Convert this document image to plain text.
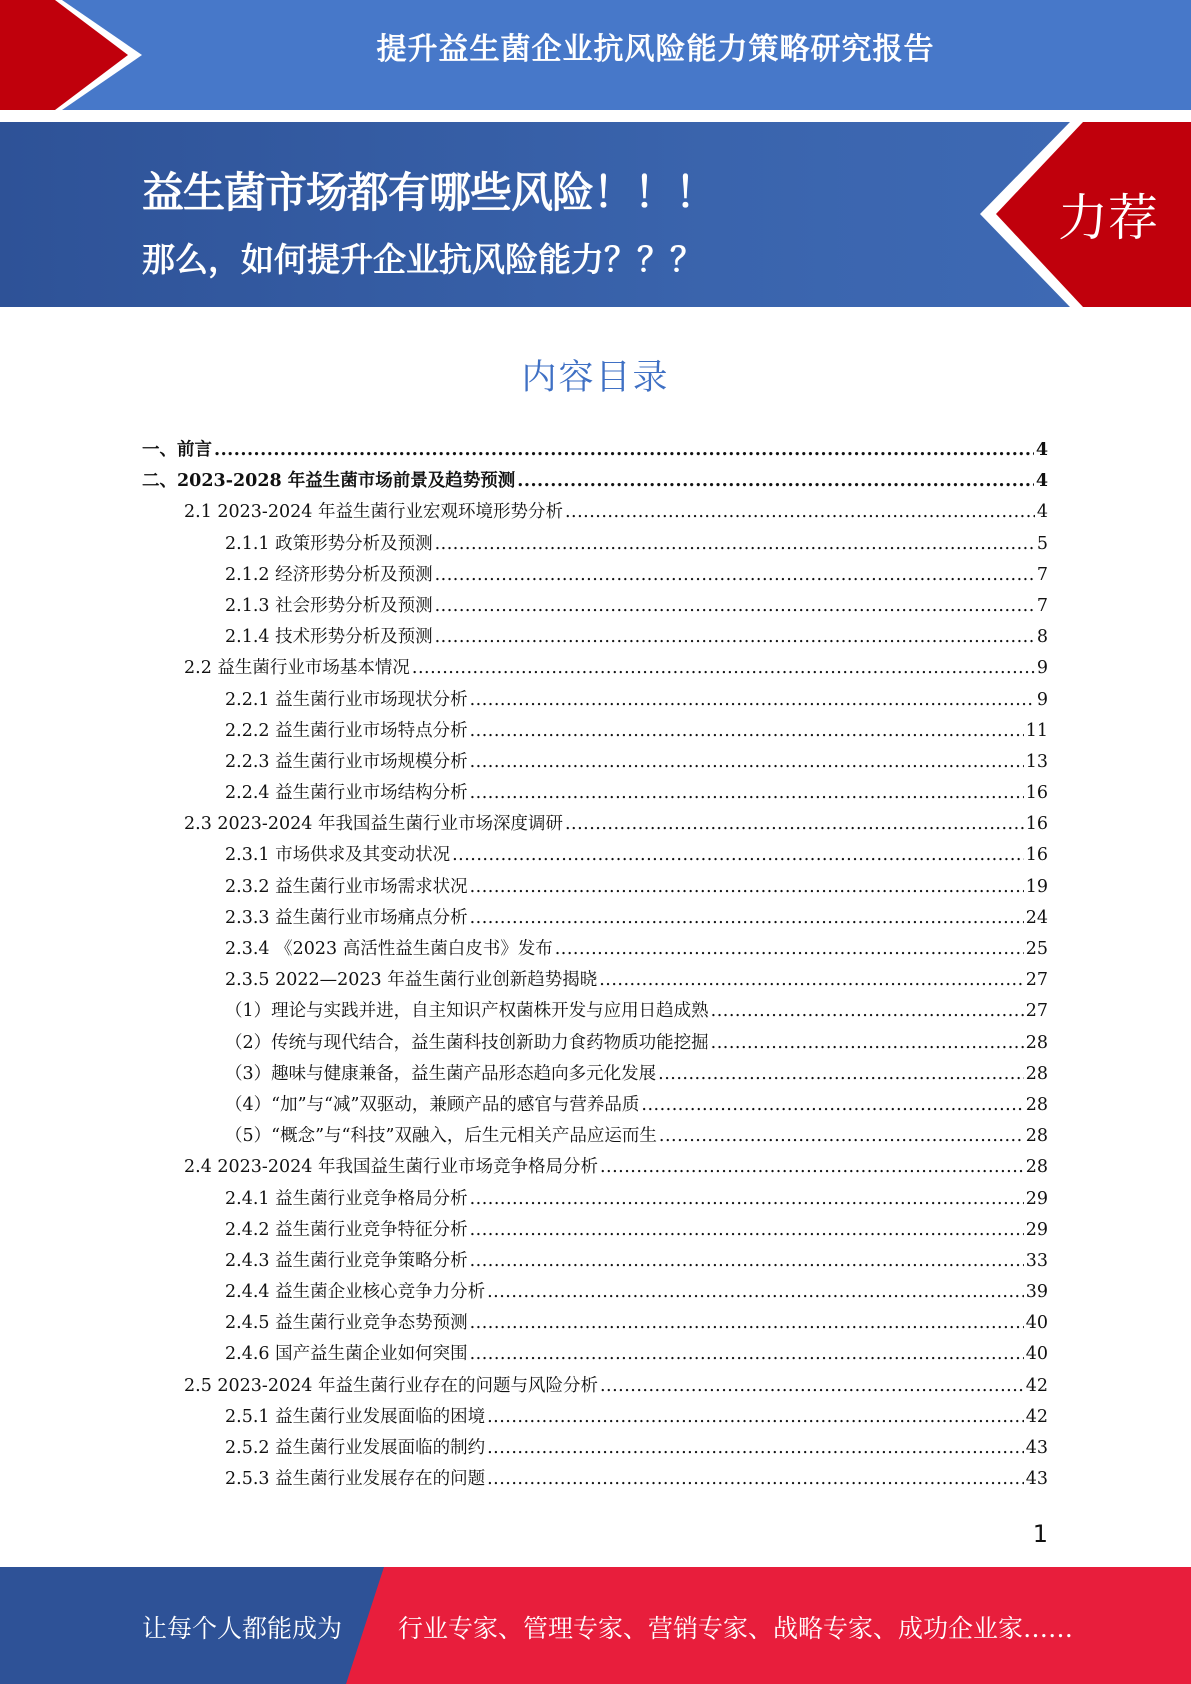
提升益生菌企业抗风险能力策略研究报告
益生菌市场都有哪些风险！！！
那么，如何提升企业抗风险能力？？？
力荐
内容目录
一、前言 .....	4
二、2023-2028 年益生菌市场前景及趋势预测 .....	4
2.1 2023-2024 年益生菌行业宏观环境形势分析 .....	4
2.1.1 政策形势分析及预测 .....	5
2.1.2 经济形势分析及预测 .....	7
2.1.3 社会形势分析及预测 .....	7
2.1.4 技术形势分析及预测 .....	8
2.2 益生菌行业市场基本情况 .....	9
2.2.1 益生菌行业市场现状分析 .....	9
2.2.2 益生菌行业市场特点分析 .....	11
2.2.3 益生菌行业市场规模分析 .....	13
2.2.4 益生菌行业市场结构分析 .....	16
2.3 2023-2024 年我国益生菌行业市场深度调研 .....	16
2.3.1 市场供求及其变动状况 .....	16
2.3.2 益生菌行业市场需求状况 .....	19
2.3.3 益生菌行业市场痛点分析 .....	24
2.3.4 《2023 高活性益生菌白皮书》发布 .....	25
2.3.5 2022—2023 年益生菌行业创新趋势揭晓 .....	27
（1）理论与实践并进，自主知识产权菌株开发与应用日趋成熟 .....	27
（2）传统与现代结合，益生菌科技创新助力食药物质功能挖掘 .....	28
（3）趣味与健康兼备，益生菌产品形态趋向多元化发展 .....	28
（4）“加”与“减”双驱动，兼顾产品的感官与营养品质 .....	28
（5）“概念”与“科技”双融入，后生元相关产品应运而生 .....	28
2.4 2023-2024 年我国益生菌行业市场竞争格局分析 .....	28
2.4.1 益生菌行业竞争格局分析 .....	29
2.4.2 益生菌行业竞争特征分析 .....	29
2.4.3 益生菌行业竞争策略分析 .....	33
2.4.4 益生菌企业核心竞争力分析 .....	39
2.4.5 益生菌行业竞争态势预测 .....	40
2.4.6 国产益生菌企业如何突围 .....	40
2.5 2023-2024 年益生菌行业存在的问题与风险分析 .....	42
2.5.1 益生菌行业发展面临的困境 .....	42
2.5.2 益生菌行业发展面临的制约 .....	43
2.5.3 益生菌行业发展存在的问题 .....	43
1
让每个人都能成为 行业专家、管理专家、营销专家、战略专家、成功企业家……
